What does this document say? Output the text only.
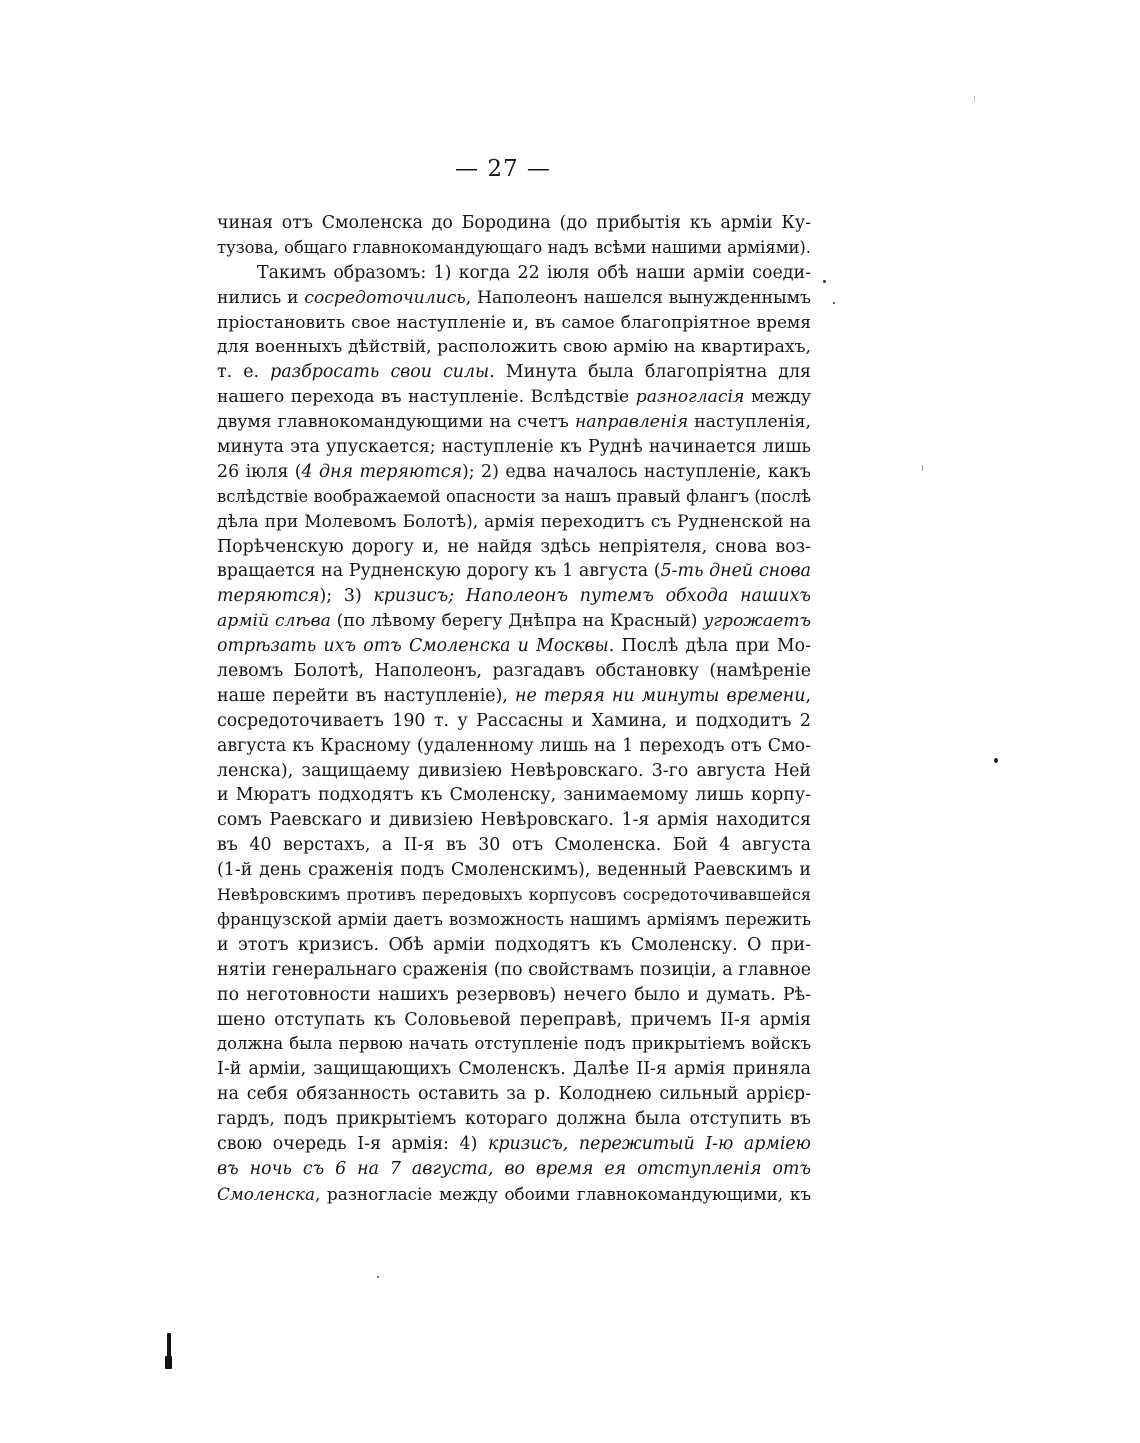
— 27 —
чиная отъ Смоленска до Бородина (до прибытія къ арміи Ку-
тузова, общаго главнокомандующаго надъ всѣми нашими арміями).
Такимъ образомъ: 1) когда 22 іюля обѣ наши арміи соеди-
нились и сосредоточились, Наполеонъ нашелся вынужденнымъ
пріостановить свое наступленіе и, въ самое благопріятное время
для военныхъ дѣйствій, расположить свою армію на квартирахъ,
т. е. разбросать свои силы. Минута была благопріятна для
нашего перехода въ наступленіе. Вслѣдствіе разногласія между
двумя главнокомандующими на счетъ направленія наступленія,
минута эта упускается; наступленіе къ Руднѣ начинается лишь
26 іюля (4 дня теряются); 2) едва началось наступленіе, какъ
вслѣдствіе воображаемой опасности за нашъ правый флангъ (послѣ
дѣла при Молевомъ Болотѣ), армія переходитъ съ Рудненской на
Порѣченскую дорогу и, не найдя здѣсь непріятеля, снова воз-
вращается на Рудненскую дорогу къ 1 августа (5-ть дней снова
теряются); 3) кризисъ; Наполеонъ путемъ обхода нашихъ
армій слѣва (по лѣвому берегу Днѣпра на Красный) угрожаетъ
отрѣзать ихъ отъ Смоленска и Москвы. Послѣ дѣла при Мо-
левомъ Болотѣ, Наполеонъ, разгадавъ обстановку (намѣреніе
наше перейти въ наступленіе), не теряя ни минуты времени,
сосредоточиваетъ 190 т. у Рассасны и Хамина, и подходитъ 2
августа къ Красному (удаленному лишь на 1 переходъ отъ Смо-
ленска), защищаему дивизіею Невѣровскаго. 3-го августа Ней
и Мюратъ подходятъ къ Смоленску, занимаемому лишь корпу-
сомъ Раевскаго и дивизіею Невѣровскаго. 1-я армія находится
въ 40 верстахъ, а II-я въ 30 отъ Смоленска. Бой 4 августа
(1-й день сраженія подъ Смоленскимъ), веденный Раевскимъ и
Невѣровскимъ противъ передовыхъ корпусовъ сосредоточивавшейся
французской арміи даетъ возможность нашимъ арміямъ пережить
и этотъ кризисъ. Обѣ арміи подходятъ къ Смоленску. О при-
нятіи генеральнаго сраженія (по свойствамъ позиціи, а главное
по неготовности нашихъ резервовъ) нечего было и думать. Рѣ-
шено отступать къ Соловьевой переправѣ, причемъ II-я армія
должна была первою начать отступленіе подъ прикрытіемъ войскъ
I-й арміи, защищающихъ Смоленскъ. Далѣе II-я армія приняла
на себя обязанность оставить за р. Колоднею сильный аррієр-
гардъ, подъ прикрытіемъ котораго должна была отступить въ
свою очередь I-я армія: 4) кризисъ, пережитый I-ю арміею
въ ночь съ 6 на 7 августа, во время ея отступленія отъ
Смоленска, разногласіе между обоими главнокомандующими, къ
